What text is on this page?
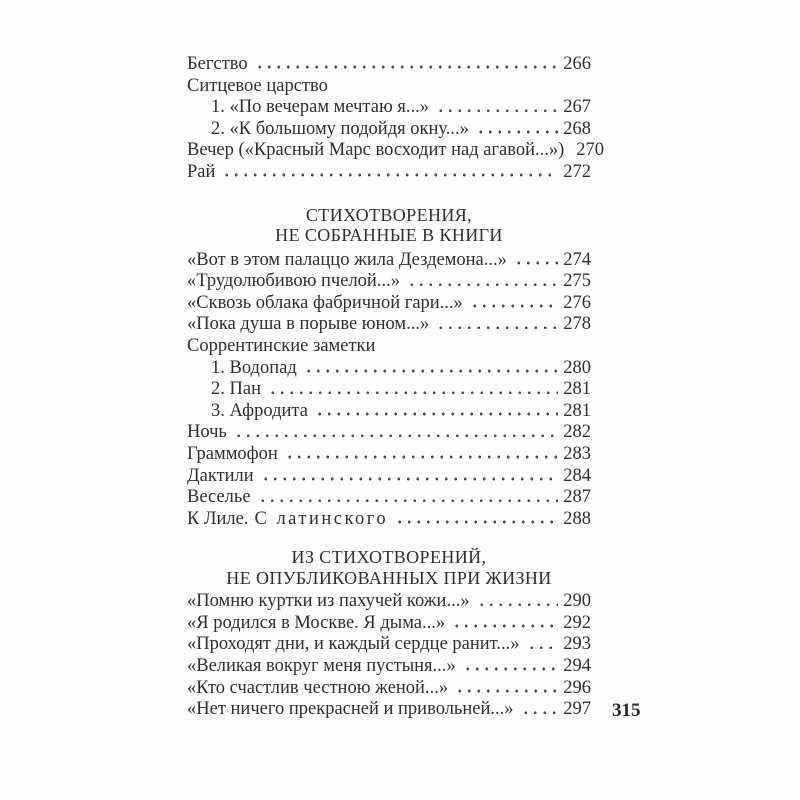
Бегство	266
Ситцевое царство
1. «По вечерам мечтаю я...»	267
2. «К большому подойдя окну...»	268
Вечер («Красный Марс восходит над агавой...») 270
Рай	272
СТИХОТВОРЕНИЯ,
НЕ СОБРАННЫЕ В КНИГИ
«Вот в этом палаццо жила Дездемона...»	274
«Трудолюбивою пчелой...»	275
«Сквозь облака фабричной гари...»	276
«Пока душа в порыве юном...»	278
Соррентинские заметки
1. Водопад	280
2. Пан	281
3. Афродита	281
Ночь	282
Граммофон	283
Дактили	284
Веселье	287
К Лиле. С латинского	288
ИЗ СТИХОТВОРЕНИЙ,
НЕ ОПУБЛИКОВАННЫХ ПРИ ЖИЗНИ
«Помню куртки из пахучей кожи...»	290
«Я родился в Москве. Я дыма...»	292
«Проходят дни, и каждый сердце ранит...» 293
«Великая вокруг меня пустыня...»	294
«Кто счастлив честною женой...»	296
«Нет ничего прекрасней и привольней...»	297 315
